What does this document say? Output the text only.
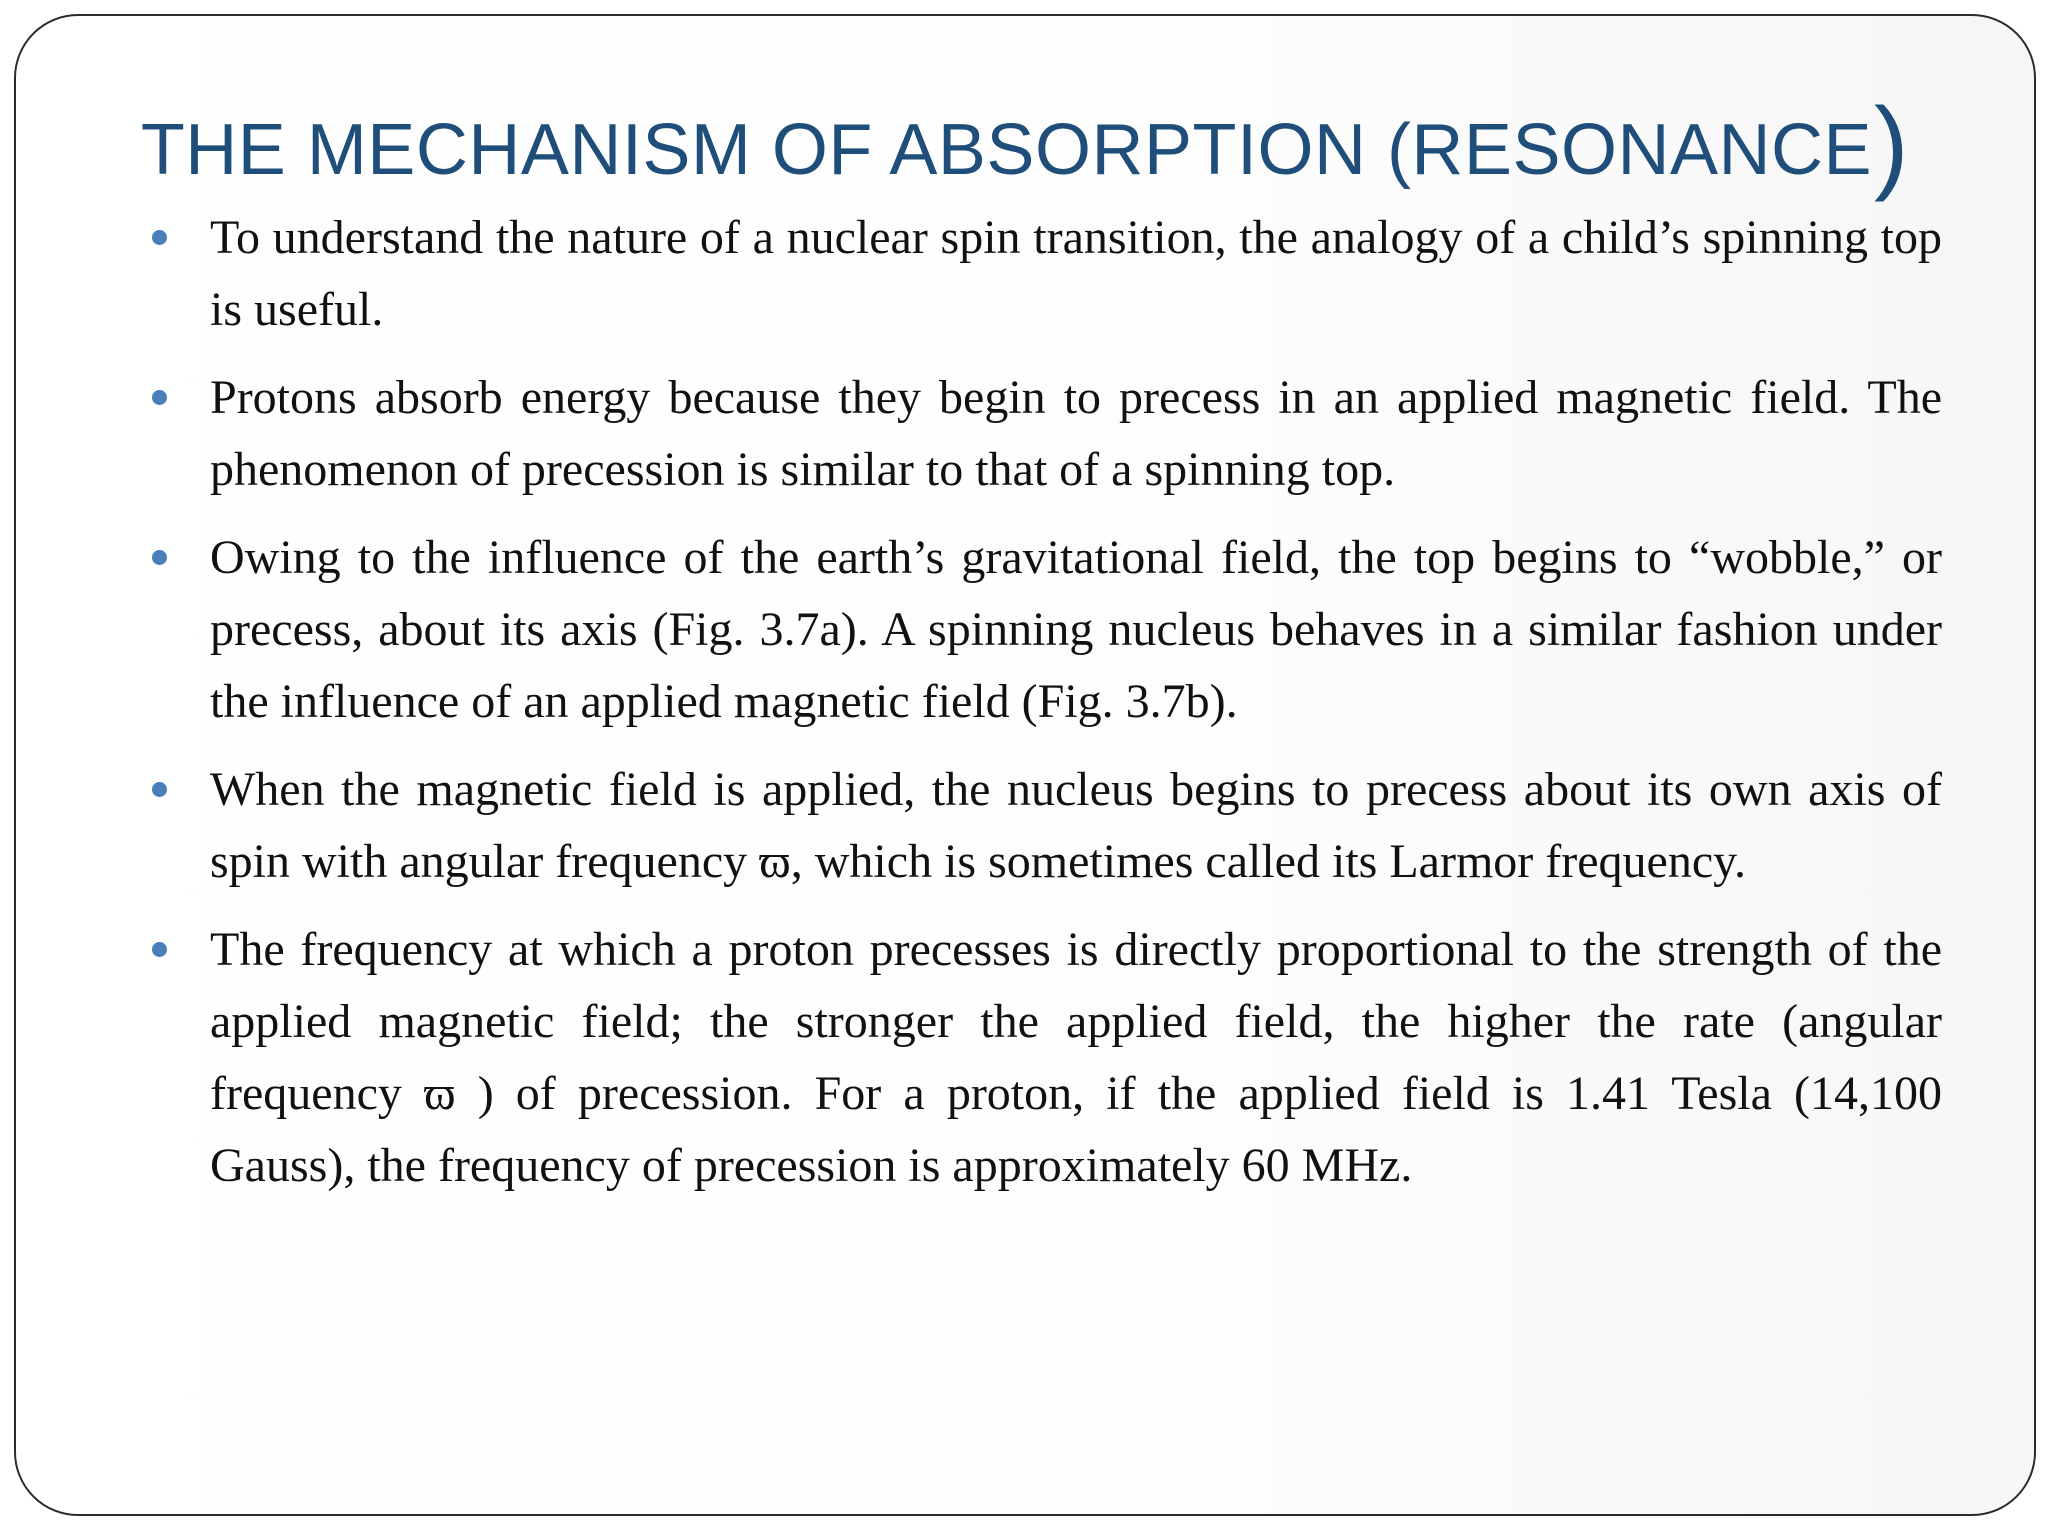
THE MECHANISM OF ABSORPTION (RESONANCE)
To understand the nature of a nuclear spin transition, the analogy of a child’s spinning top is useful.
Protons absorb energy because they begin to precess in an applied magnetic field. The phenomenon of precession is similar to that of a spinning top.
Owing to the influence of the earth’s gravitational field, the top begins to “wobble,” or precess, about its axis (Fig. 3.7a). A spinning nucleus behaves in a similar fashion under the influence of an applied magnetic field (Fig. 3.7b).
When the magnetic field is applied, the nucleus begins to precess about its own axis of spin with angular frequency ϖ, which is sometimes called its Larmor frequency.
The frequency at which a proton precesses is directly proportional to the strength of the applied magnetic field; the stronger the applied field, the higher the rate (angular frequency ϖ ) of precession. For a proton, if the applied field is 1.41 Tesla (14,100 Gauss), the frequency of precession is approximately 60 MHz.
